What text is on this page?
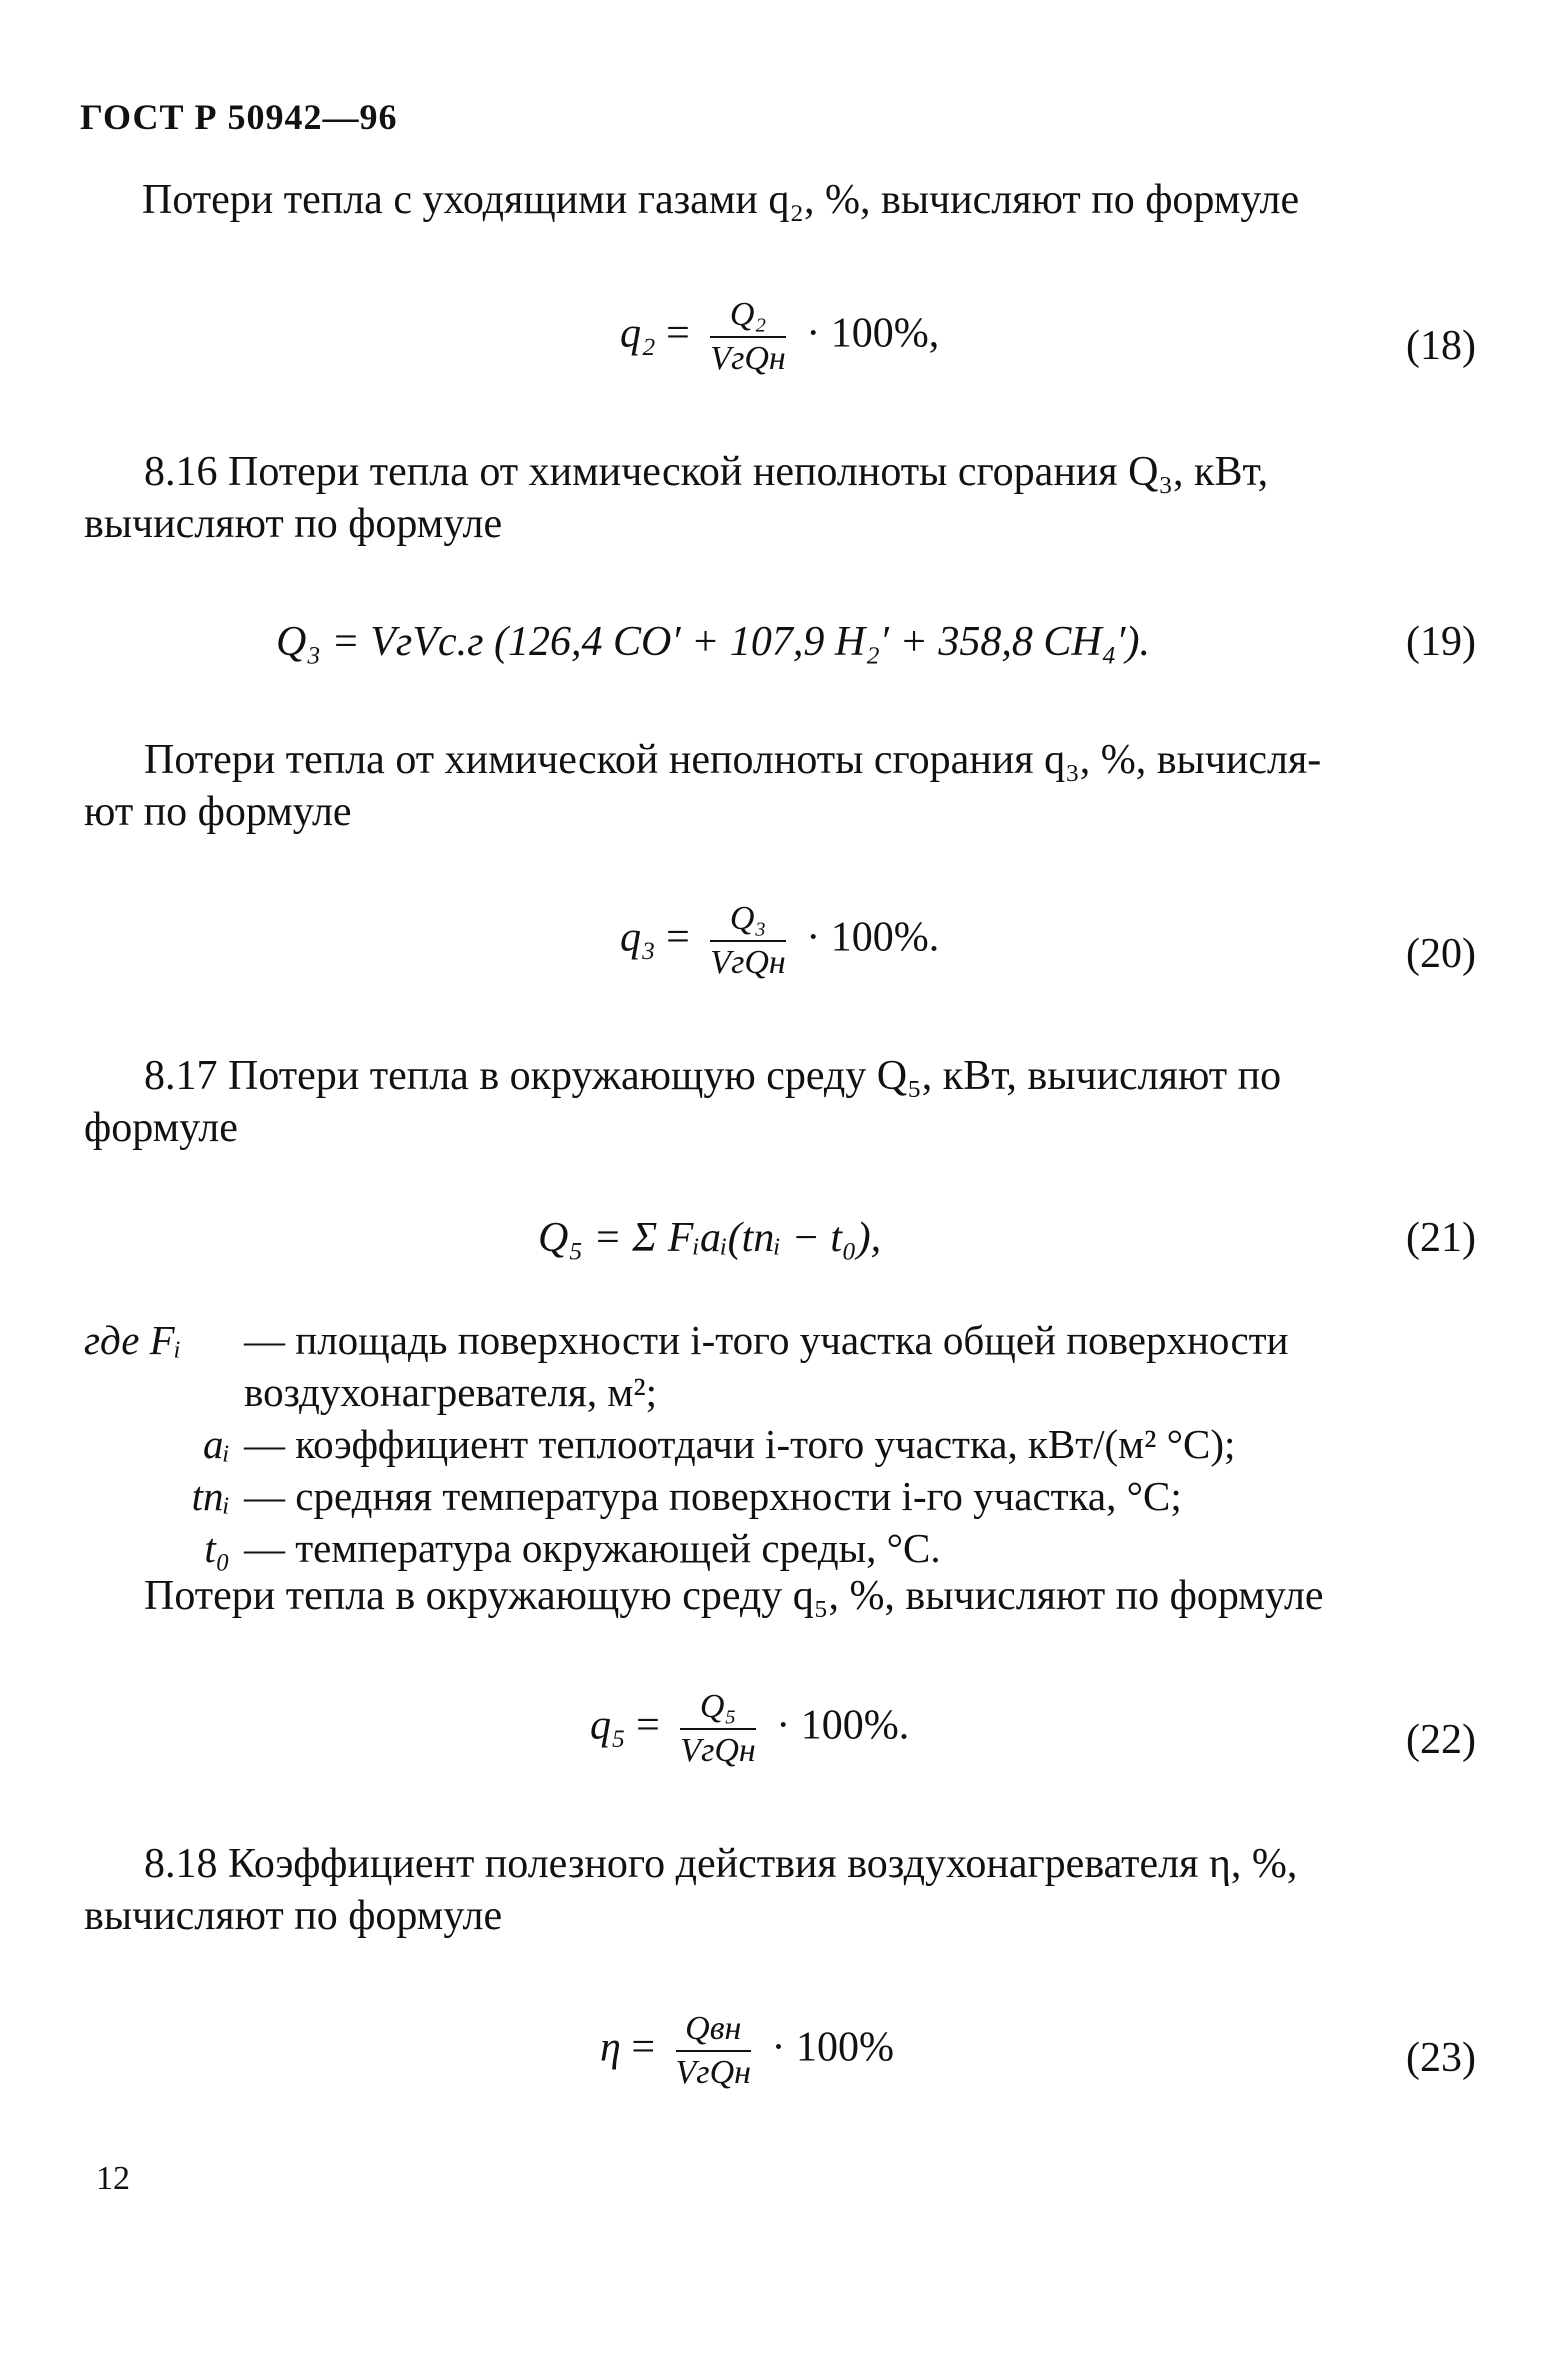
ГОСТ Р 50942—96
Потери тепла с уходящими газами q₂, %, вычисляют по формуле
$q_2 = \frac{\text{Q₂}}{\text{VгQн}} \cdot 100\%$,	(18)
8.16 Потери тепла от химической неполноты сгорания Q₃, кВт,
вычисляют по формуле
Q₃ = VгVс.г (126,4 CO′ + 107,9 H₂′ + 358,8 CH₄′).	(19)
Потери тепла от химической неполноты сгорания q₃, %, вычисля-
ют по формуле
$q_3 = \frac{\text{Q₃}}{\text{VгQн}} \cdot 100\%$.	(20)
8.17 Потери тепла в окружающую среду Q₅, кВт, вычисляют по
формуле
Q₅ = Σ Fᵢaᵢ(tпᵢ − t₀),	(21)
где Fᵢ	— площадь поверхности i-того участка общей поверхности воздухонагревателя, м²;
aᵢ — коэффициент теплоотдачи i-того участка, кВт/(м² °С);
tпᵢ — средняя температура поверхности i-го участка, °С;
t₀ — температура окружающей среды, °С.
Потери тепла в окружающую среду q₅, %, вычисляют по формуле
$q_5 = \frac{\text{Q₅}}{\text{VгQн}} \cdot 100\%$.	(22)
8.18 Коэффициент полезного действия воздухонагревателя η, %,
вычисляют по формуле
$\eta = \frac{\text{Qвн}}{\text{VгQн}} \cdot 100\%$	(23)
12
